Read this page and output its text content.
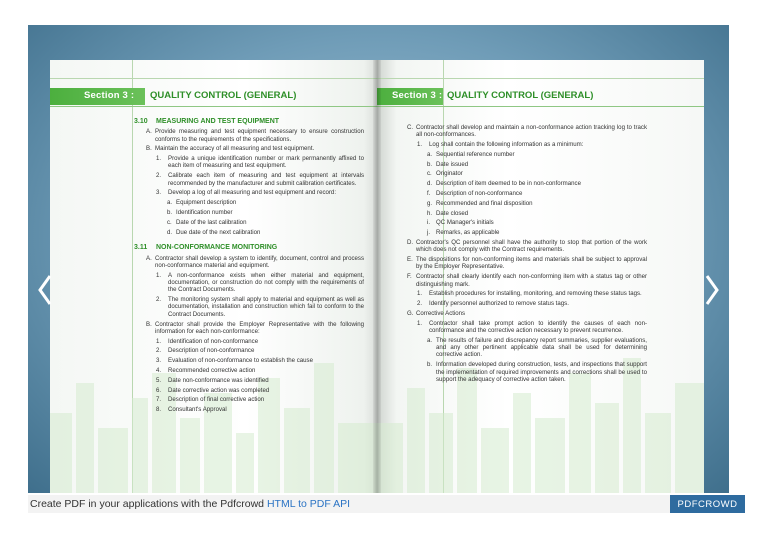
Section 3 : QUALITY CONTROL (GENERAL)
3.10	MEASURING AND TEST EQUIPMENT
A. Provide measuring and test equipment necessary to ensure construction conforms to the requirements of the specifications.
B. Maintain the accuracy of all measuring and test equipment.
1.	Provide a unique identification number or mark permanently affixed to each item of measuring and test equipment.
2.	Calibrate each item of measuring and test equipment at intervals recommended by the manufacturer and submit calibration certificates.
3.	Develop a log of all measuring and test equipment and record:
a. Equipment description
b. Identification number
c. Date of the last calibration
d. Due date of the next calibration
3.11	NON-CONFORMANCE MONITORING
A. Contractor shall develop a system to identify, document, control and process non-conformance material and equipment.
1.	A non-conformance exists when either material and equipment, documentation, or construction do not comply with the requirements of the Contract Documents.
2.	The monitoring system shall apply to material and equipment as well as documentation, installation and construction which fail to conform to the Contract Documents.
B. Contractor shall provide the Employer Representative with the following information for each non-conformance:
1.	Identification of non-conformance
2.	Description of non-conformance
3.	Evaluation of non-conformance to establish the cause
4.	Recommended corrective action
5.	Date non-conformance was identified
6.	Date corrective action was completed
7.	Description of final corrective action
8.	Consultant's Approval
Section 3 : QUALITY CONTROL (GENERAL)
C. Contractor shall develop and maintain a non-conformance action tracking log to track all non-conformances.
1.	Log shall contain the following information as a minimum:
a. Sequential reference number
b. Date issued
c. Originator
d. Description of item deemed to be in non-conformance
f. Description of non-conformance
g. Recommended and final disposition
h. Date closed
i. QC Manager's initials
j. Remarks, as applicable
D. Contractor's QC personnel shall have the authority to stop that portion of the work which does not comply with the Contract requirements.
E. The dispositions for non-conforming items and materials shall be subject to approval by the Employer Representative.
F. Contractor shall clearly identify each non-conforming item with a status tag or other distinguishing mark.
1.	Establish procedures for installing, monitoring, and removing these status tags.
2.	Identify personnel authorized to remove status tags.
G. Corrective Actions
1.	Contractor shall take prompt action to identify the causes of each non-conformance and the corrective action necessary to prevent recurrence.
a. The results of failure and discrepancy report summaries, supplier evaluations, and any other pertinent applicable data shall be used for determining corrective action.
b. Information developed during construction, tests, and inspections that support the implementation of required improvements and corrections shall be used to support the adequacy of corrective action taken.
Create PDF in your applications with the Pdfcrowd HTML to PDF API	PDFCROWD
